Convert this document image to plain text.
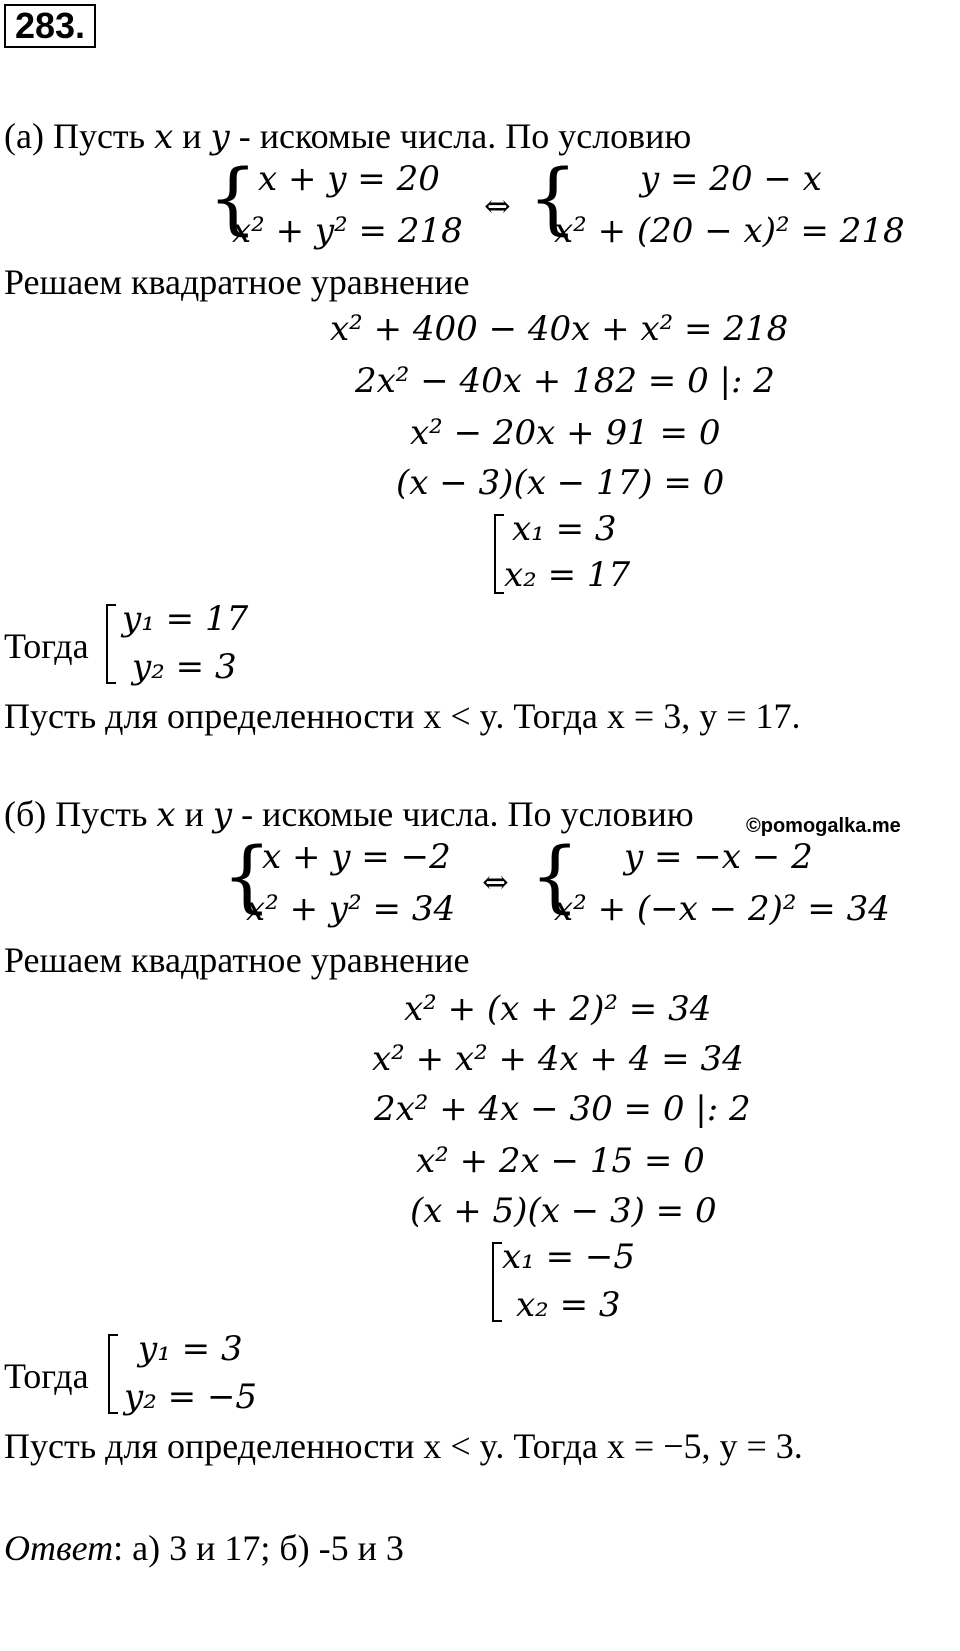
283.
(а) Пусть x и y - искомые числа. По условию
{ x + y = 20
x² + y² = 218
⇔ { y = 20 − x
x² + (20 − x)² = 218
Решаем квадратное уравнение
x² + 400 − 40x + x² = 218
2x² − 40x + 182 = 0 |: 2
x² − 20x + 91 = 0
(x − 3)(x − 17) = 0
x₁ = 3
x₂ = 17
Тогда
y₁ = 17
y₂ = 3
Пусть для определенности x < y. Тогда x = 3, y = 17.
(б) Пусть x и y - искомые числа. По условию	©pomogalka.me
{
x + y = −2
x² + y² = 34
⇔ { y = −x − 2
x² + (−x − 2)² = 34
Решаем квадратное уравнение
x² + (x + 2)² = 34
x² + x² + 4x + 4 = 34
2x² + 4x − 30 = 0 |: 2
x² + 2x − 15 = 0
(x + 5)(x − 3) = 0
x₁ = −5
x₂ = 3
Тогда
y₁ = 3
y₂ = −5
Пусть для определенности x < y. Тогда x = −5, y = 3.
Ответ: а) 3 и 17; б) -5 и 3
